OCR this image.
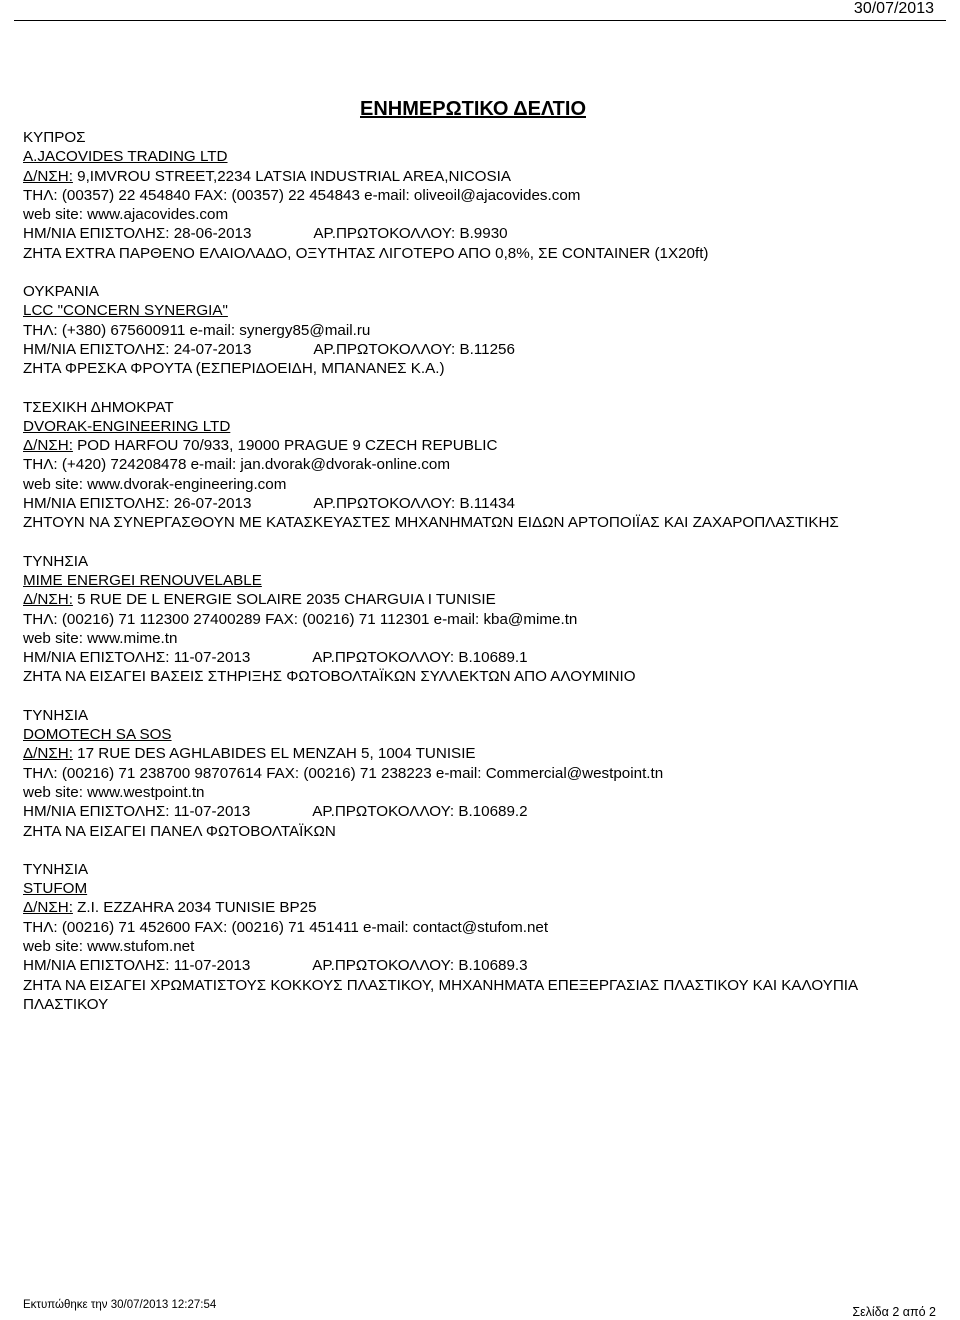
30/07/2013
ΕΝΗΜΕΡΩΤΙΚΟ ΔΕΛΤΙΟ
ΚΥΠΡΟΣ
A.JACOVIDES TRADING LTD
Δ/ΝΣΗ: 9,IMVROU STREET,2234 LATSIA INDUSTRIAL AREA,NICOSIA
ΤΗΛ: (00357) 22 454840 FAX: (00357) 22 454843 e-mail: oliveoil@ajacovides.com
web site: www.ajacovides.com
ΗΜ/ΝΙΑ ΕΠΙΣΤΟΛΗΣ: 28-06-2013	ΑΡ.ΠΡΩΤΟΚΟΛΛΟΥ: Β.9930
ΖΗΤΑ EXTRA ΠΑΡΘΕΝΟ ΕΛΑΙΟΛΑΔΟ, ΟΞΥΤΗΤΑΣ ΛΙΓΟΤΕΡΟ ΑΠΟ 0,8%, ΣΕ CONTAINER (1Χ20ft)
ΟΥΚΡΑΝΙΑ
LCC "CONCERN SYNERGIA"
ΤΗΛ: (+380) 675600911 e-mail: synergy85@mail.ru
ΗΜ/ΝΙΑ ΕΠΙΣΤΟΛΗΣ: 24-07-2013	ΑΡ.ΠΡΩΤΟΚΟΛΛΟΥ: Β.11256
ΖΗΤΑ ΦΡΕΣΚΑ ΦΡΟΥΤΑ (ΕΣΠΕΡΙΔΟΕΙΔΗ, ΜΠΑΝΑΝΕΣ Κ.Α.)
ΤΣΕΧΙΚΗ ΔΗΜΟΚΡΑΤ
DVORAK-ENGINEERING LTD
Δ/ΝΣΗ: POD HARFOU 70/933, 19000 PRAGUE 9 CZECH REPUBLIC
ΤΗΛ: (+420) 724208478 e-mail: jan.dvorak@dvorak-online.com
web site: www.dvorak-engineering.com
ΗΜ/ΝΙΑ ΕΠΙΣΤΟΛΗΣ: 26-07-2013	ΑΡ.ΠΡΩΤΟΚΟΛΛΟΥ: Β.11434
ΖΗΤΟΥΝ ΝΑ ΣΥΝΕΡΓΑΣΘΟΥΝ ΜΕ ΚΑΤΑΣΚΕΥΑΣΤΕΣ ΜΗΧΑΝΗΜΑΤΩΝ ΕΙΔΩΝ ΑΡΤΟΠΟΙΪΑΣ ΚΑΙ ΖΑΧΑΡΟΠΛΑΣΤΙΚΗΣ
ΤΥΝΗΣΙΑ
MIME ENERGEI RENOUVELABLE
Δ/ΝΣΗ: 5 RUE DE L ENERGIE SOLAIRE 2035 CHARGUIA I TUNISIE
ΤΗΛ: (00216) 71 112300 27400289 FAX: (00216) 71 112301 e-mail: kba@mime.tn
web site: www.mime.tn
ΗΜ/ΝΙΑ ΕΠΙΣΤΟΛΗΣ: 11-07-2013	ΑΡ.ΠΡΩΤΟΚΟΛΛΟΥ: Β.10689.1
ΖΗΤΑ ΝΑ ΕΙΣΑΓΕΙ ΒΑΣΕΙΣ ΣΤΗΡΙΞΗΣ ΦΩΤΟΒΟΛΤΑΪΚΩΝ ΣΥΛΛΕΚΤΩΝ ΑΠΟ ΑΛΟΥΜΙΝΙΟ
ΤΥΝΗΣΙΑ
DOMOTECH SA SOS
Δ/ΝΣΗ: 17 RUE DES AGHLABIDES EL MENZAH 5, 1004 TUNISIE
ΤΗΛ: (00216) 71 238700 98707614 FAX: (00216) 71 238223 e-mail: Commercial@westpoint.tn
web site: www.westpoint.tn
ΗΜ/ΝΙΑ ΕΠΙΣΤΟΛΗΣ: 11-07-2013	ΑΡ.ΠΡΩΤΟΚΟΛΛΟΥ: Β.10689.2
ΖΗΤΑ ΝΑ ΕΙΣΑΓΕΙ ΠΑΝΕΛ ΦΩΤΟΒΟΛΤΑΪΚΩΝ
ΤΥΝΗΣΙΑ
STUFOM
Δ/ΝΣΗ: Z.I. EZZAHRA 2034 TUNISIE BP25
ΤΗΛ: (00216) 71 452600 FAX: (00216) 71 451411 e-mail: contact@stufom.net
web site: www.stufom.net
ΗΜ/ΝΙΑ ΕΠΙΣΤΟΛΗΣ: 11-07-2013	ΑΡ.ΠΡΩΤΟΚΟΛΛΟΥ: Β.10689.3
ΖΗΤΑ ΝΑ ΕΙΣΑΓΕΙ ΧΡΩΜΑΤΙΣΤΟΥΣ ΚΟΚΚΟΥΣ ΠΛΑΣΤΙΚΟΥ, ΜΗΧΑΝΗΜΑΤΑ ΕΠΕΞΕΡΓΑΣΙΑΣ ΠΛΑΣΤΙΚΟΥ ΚΑΙ ΚΑΛΟΥΠΙΑ ΠΛΑΣΤΙΚΟΥ
Εκτυπώθηκε την 30/07/2013 12:27:54	Σελίδα 2 από 2
